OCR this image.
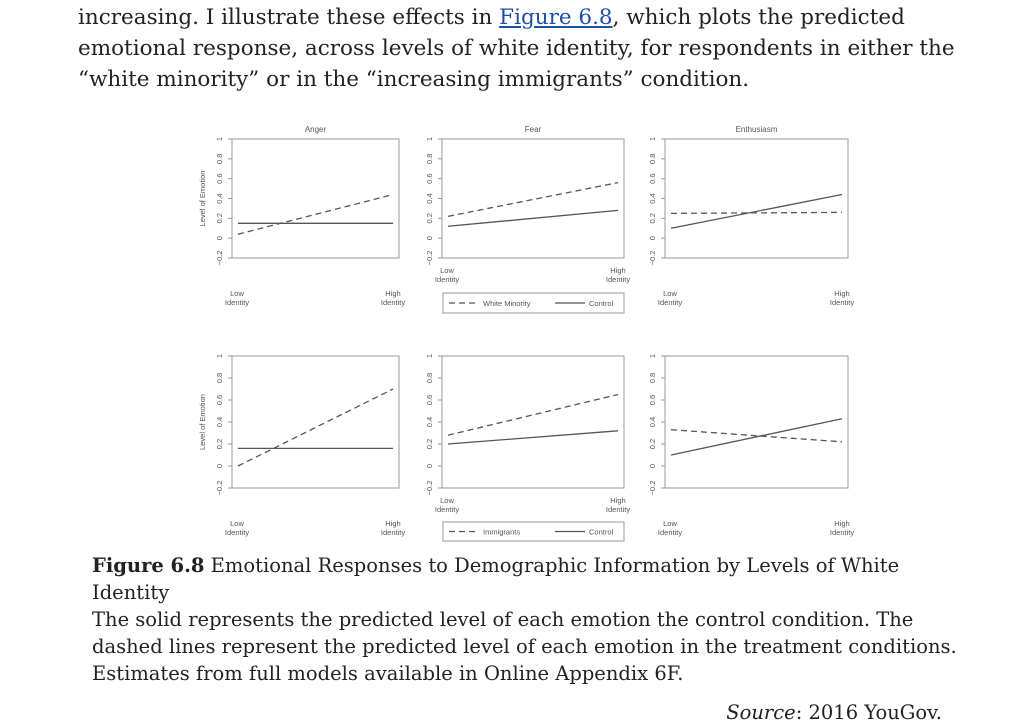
increasing. I illustrate these effects in Figure 6.8, which plots the predicted emotional response, across levels of white identity, for respondents in either the “white minority” or in the “increasing immigrants” condition.
Anger
−0.2
0
0.2
0.4
0.6
0.8
1
Level of Emotion
Low
Identity
High
Identity
Fear
−0.2
0
0.2
0.4
0.6
0.8
1
Low
Identity
High
Identity
Enthusiasm
−0.2
0
0.2
0.4
0.6
0.8
1
Low
Identity
High
Identity
−0.2
0
0.2
0.4
0.6
0.8
1
Level of Emotion
Low
Identity
High
Identity
−0.2
0
0.2
0.4
0.6
0.8
1
Low
Identity
High
Identity
−0.2
0
0.2
0.4
0.6
0.8
1
Low
Identity
High
Identity
White Minority	Control
Immigrants	Control
Figure 6.8 Emotional Responses to Demographic Information by Levels of White Identity
The solid represents the predicted level of each emotion the control condition. The dashed lines represent the predicted level of each emotion in the treatment conditions. Estimates from full models available in Online Appendix 6F.
Source: 2016 YouGov.
